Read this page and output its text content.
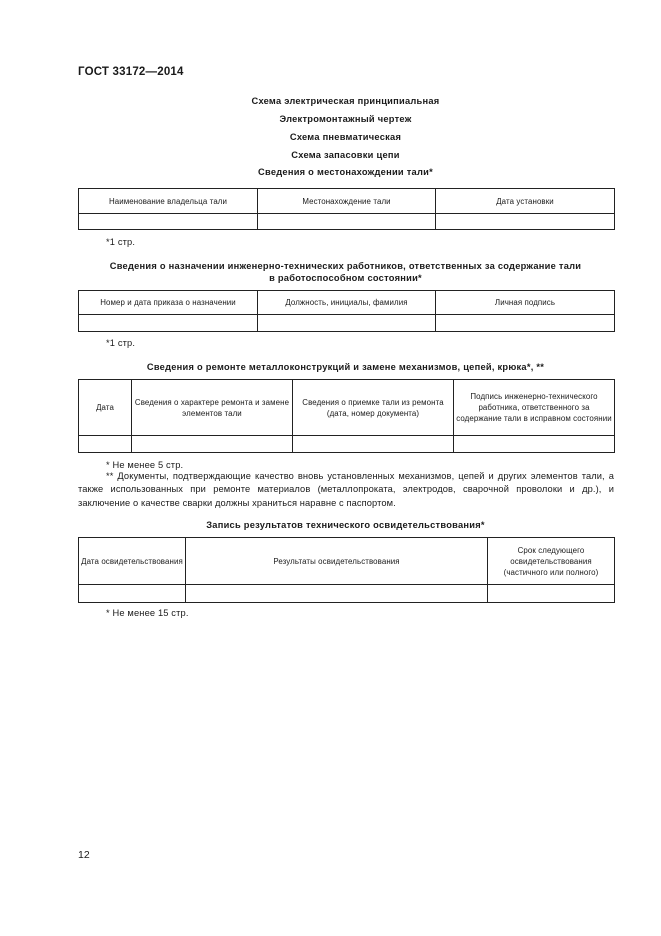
ГОСТ 33172—2014
Схема электрическая принципиальная
Электромонтажный чертеж
Схема пневматическая
Схема запасовки цепи
Сведения о местонахождении тали*
Наименование владельца тали	Местонахождение тали	Дата установки

*1 стр.
Сведения о назначении инженерно-технических работников, ответственных за содержание тали
в работоспособном состоянии*
Номер и дата приказа о назначении	Должность, инициалы, фамилия	Личная подпись

*1 стр.
Сведения о ремонте металлоконструкций и замене механизмов, цепей, крюка*, **
Дата	Сведения о характере ремонта и замене элементов тали	Сведения о приемке тали из ремонта (дата, номер документа)	Подпись инженерно-технического работника, ответственного за содержание тали в исправном состоянии

* Не менее 5 стр.

** Документы, подтверждающие качество вновь установленных механизмов, цепей и других элементов тали, а также использованных при ремонте материалов (металлопроката, электродов, сварочной проволоки и др.), и заключение о качестве сварки должны храниться наравне с паспортом.

Запись результатов технического освидетельствования*
Дата освидетельствования	Результаты освидетельствования	Срок следующего освидетельствования (частичного или полного)

* Не менее 15 стр.
12
